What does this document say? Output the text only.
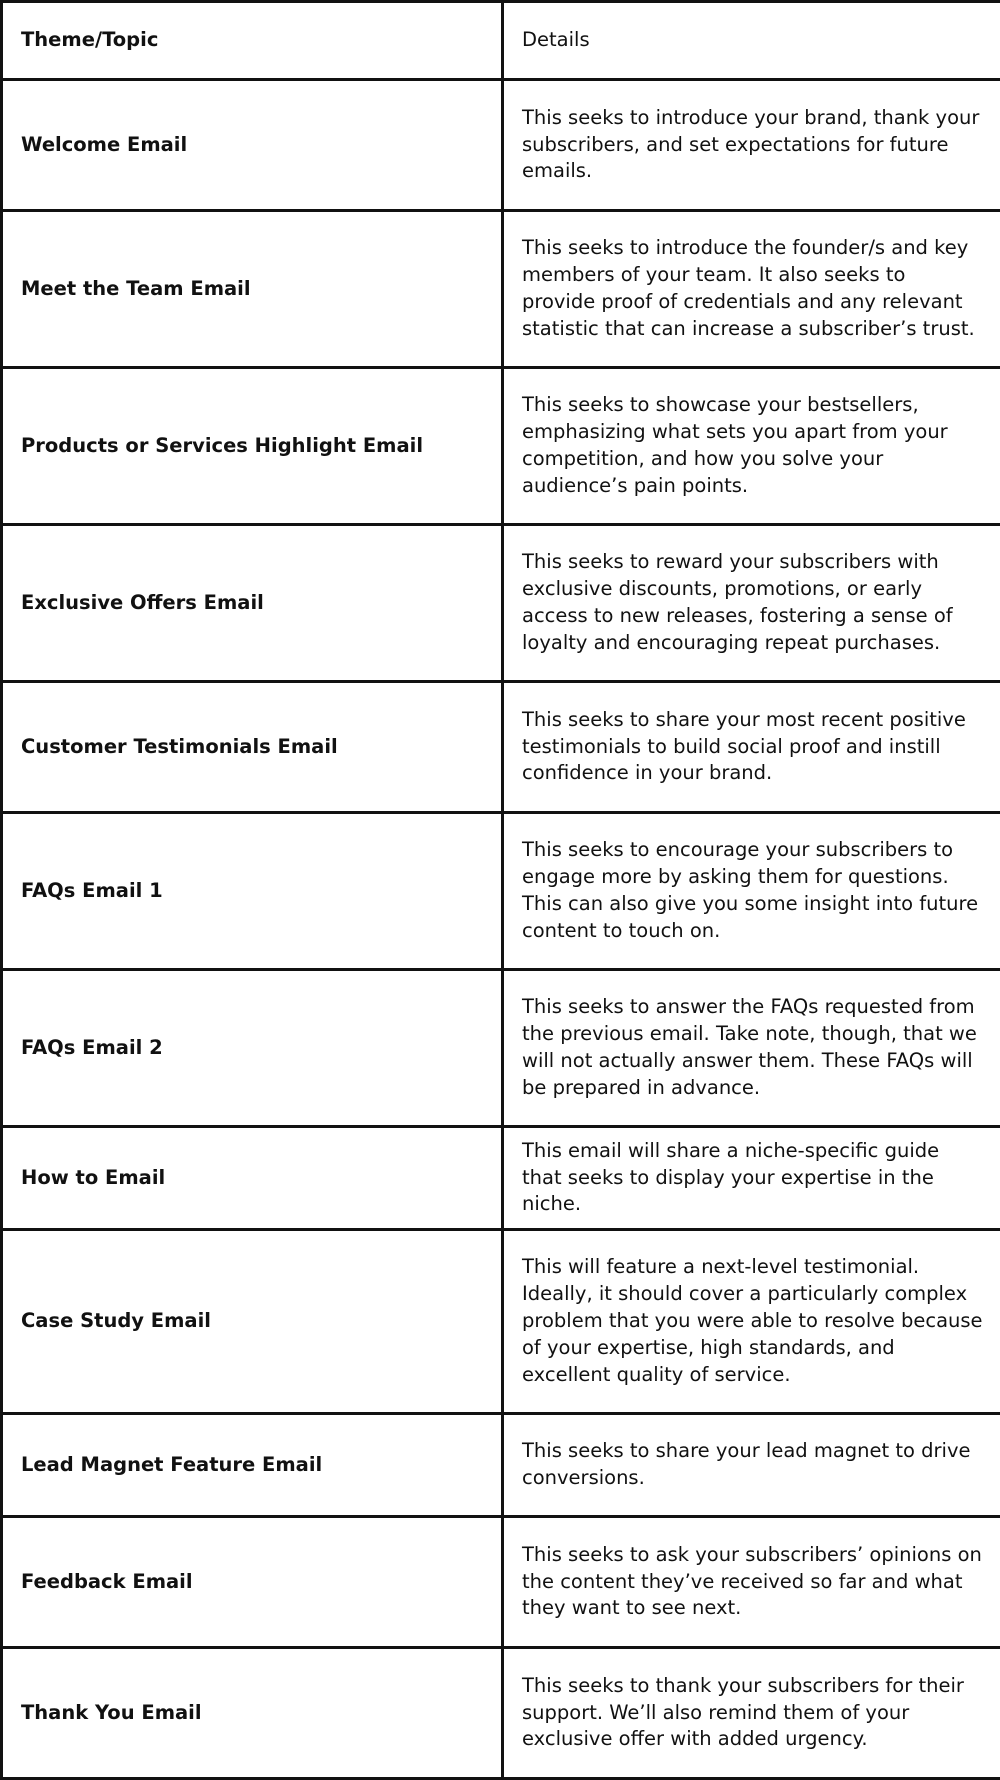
Theme/Topic	Details
Welcome Email	This seeks to introduce your brand, thank your subscribers, and set expectations for future emails.
Meet the Team Email	This seeks to introduce the founder/s and key members of your team. It also seeks to provide proof of credentials and any relevant statistic that can increase a subscriber’s trust.
Products or Services Highlight Email	This seeks to showcase your bestsellers, emphasizing what sets you apart from your competition, and how you solve your audience’s pain points.
Exclusive Offers Email	This seeks to reward your subscribers with exclusive discounts, promotions, or early access to new releases, fostering a sense of loyalty and encouraging repeat purchases.
Customer Testimonials Email	This seeks to share your most recent positive testimonials to build social proof and instill confidence in your brand.
FAQs Email 1	This seeks to encourage your subscribers to engage more by asking them for questions. This can also give you some insight into future content to touch on.
FAQs Email 2	This seeks to answer the FAQs requested from the previous email. Take note, though, that we will not actually answer them. These FAQs will be prepared in advance.
How to Email	This email will share a niche-specific guide that seeks to display your expertise in the niche.
Case Study Email	This will feature a next-level testimonial. Ideally, it should cover a particularly complex problem that you were able to resolve because of your expertise, high standards, and excellent quality of service.
Lead Magnet Feature Email	This seeks to share your lead magnet to drive conversions.
Feedback Email	This seeks to ask your subscribers’ opinions on the content they’ve received so far and what they want to see next.
Thank You Email	This seeks to thank your subscribers for their support. We’ll also remind them of your exclusive offer with added urgency.
